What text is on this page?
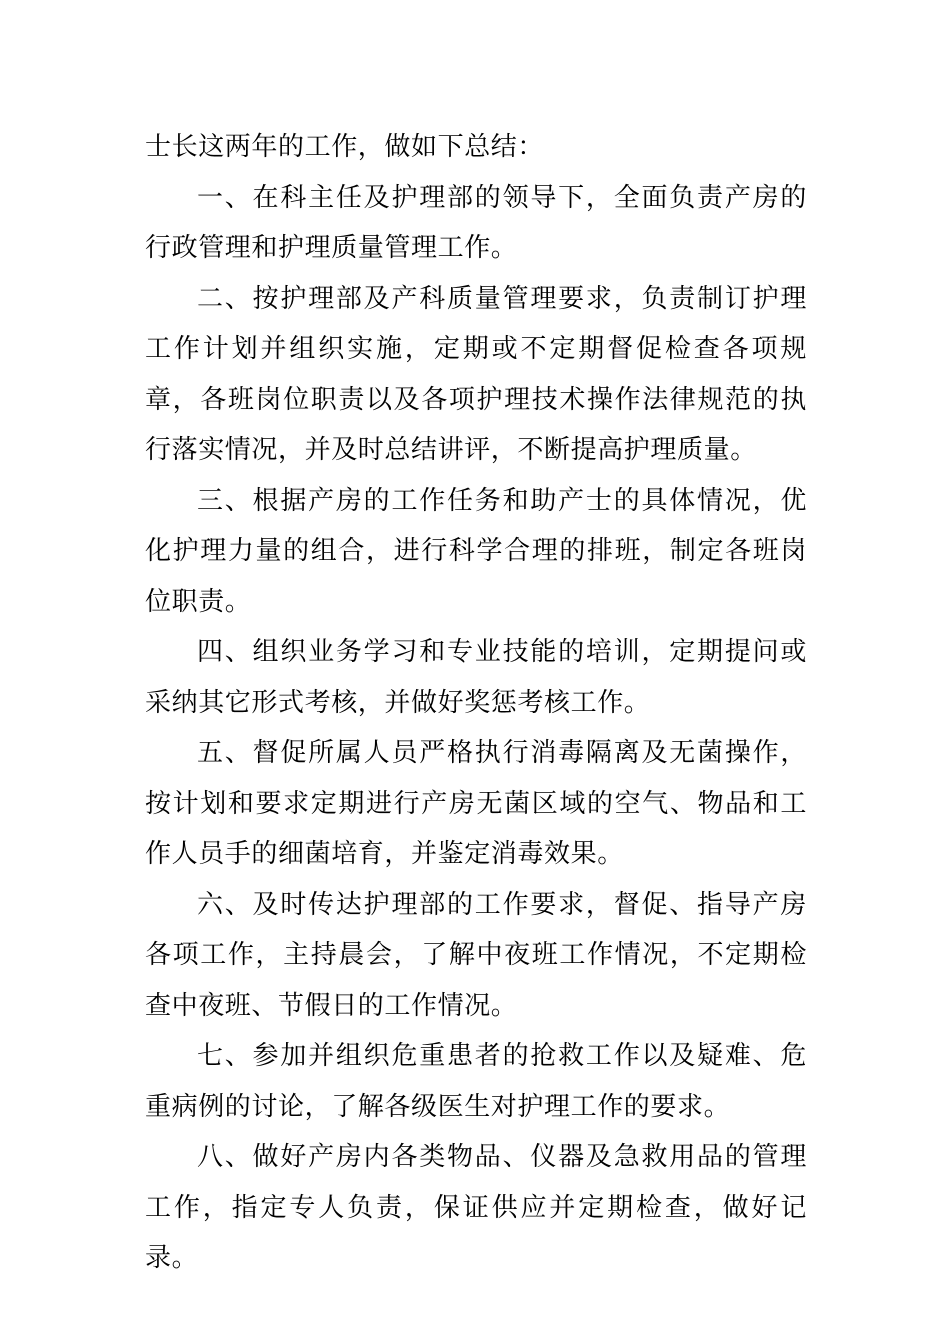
士长这两年的工作，做如下总结：

一、在科主任及护理部的领导下，全面负责产房的行政管理和护理质量管理工作。

二、按护理部及产科质量管理要求，负责制订护理工作计划并组织实施，定期或不定期督促检查各项规章，各班岗位职责以及各项护理技术操作法律规范的执行落实情况，并及时总结讲评，不断提高护理质量。

三、根据产房的工作任务和助产士的具体情况，优化护理力量的组合，进行科学合理的排班，制定各班岗位职责。

四、组织业务学习和专业技能的培训，定期提问或采纳其它形式考核，并做好奖惩考核工作。

五、督促所属人员严格执行消毒隔离及无菌操作，按计划和要求定期进行产房无菌区域的空气、物品和工作人员手的细菌培育，并鉴定消毒效果。

六、及时传达护理部的工作要求，督促、指导产房各项工作，主持晨会，了解中夜班工作情况，不定期检查中夜班、节假日的工作情况。

七、参加并组织危重患者的抢救工作以及疑难、危重病例的讨论，了解各级医生对护理工作的要求。

八、做好产房内各类物品、仪器及急救用品的管理工作，指定专人负责，保证供应并定期检查，做好记录。
